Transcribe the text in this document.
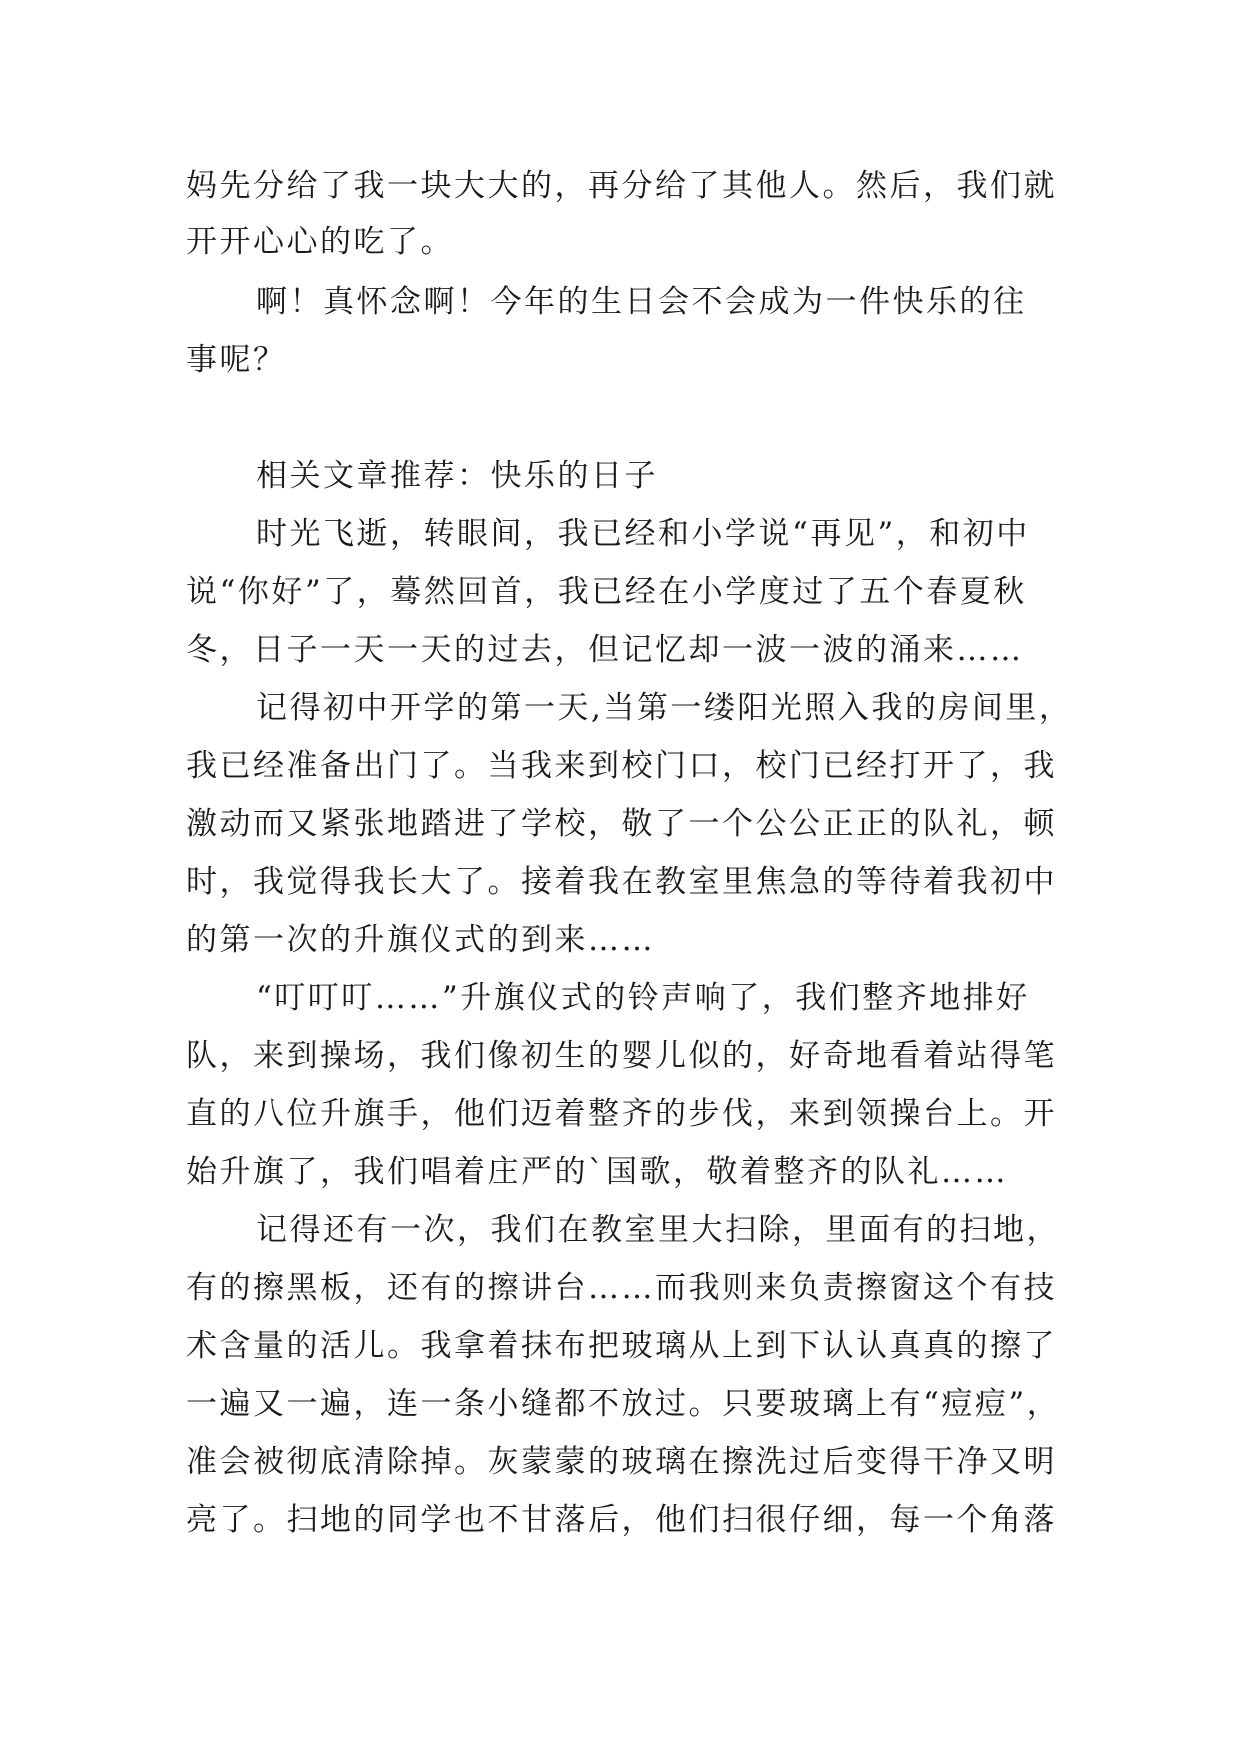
妈先分给了我一块大大的，再分给了其他人。然后，我们就

开开心心的吃了。

啊！真怀念啊！今年的生日会不会成为一件快乐的往

事呢？

相关文章推荐：快乐的日子

时光飞逝，转眼间，我已经和小学说“再见”，和初中

说“你好”了，蓦然回首，我已经在小学度过了五个春夏秋

冬，日子一天一天的过去，但记忆却一波一波的涌来……

记得初中开学的第一天,当第一缕阳光照入我的房间里，

我已经准备出门了。当我来到校门口，校门已经打开了，我

激动而又紧张地踏进了学校，敬了一个公公正正的队礼，顿

时，我觉得我长大了。接着我在教室里焦急的等待着我初中

的第一次的升旗仪式的到来……

“叮叮叮……”升旗仪式的铃声响了，我们整齐地排好

队，来到操场，我们像初生的婴儿似的，好奇地看着站得笔

直的八位升旗手，他们迈着整齐的步伐，来到领操台上。开

始升旗了，我们唱着庄严的`国歌，敬着整齐的队礼……

记得还有一次，我们在教室里大扫除，里面有的扫地，

有的擦黑板，还有的擦讲台……而我则来负责擦窗这个有技

术含量的活儿。我拿着抹布把玻璃从上到下认认真真的擦了

一遍又一遍，连一条小缝都不放过。只要玻璃上有“痘痘”，

准会被彻底清除掉。灰蒙蒙的玻璃在擦洗过后变得干净又明

亮了。扫地的同学也不甘落后，他们扫很仔细，每一个角落
